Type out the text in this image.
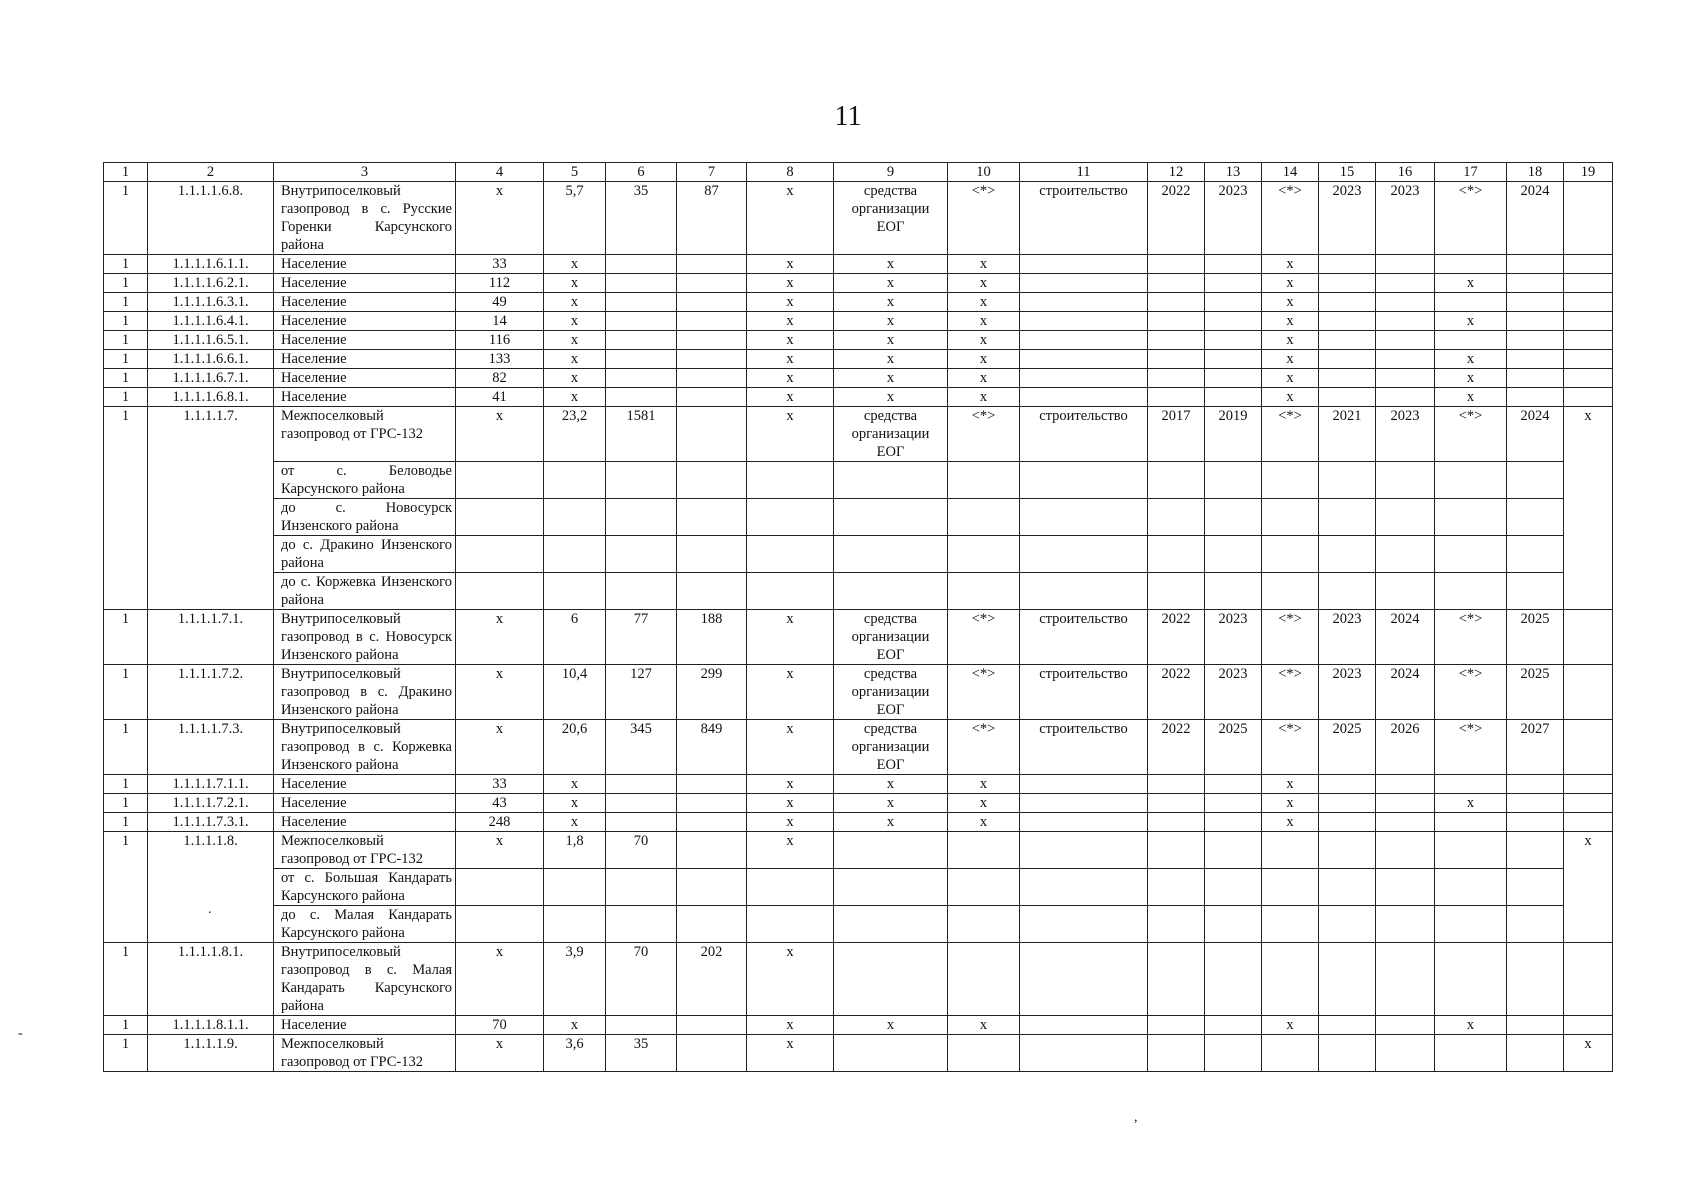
11
1	2	3	4	5	6	7	8	9	10	11	12	13	14	15	16	17	18	19
1	1.1.1.1.6.8.	Внутрипоселковый газопровод в с. Русские Горенки Карсунского района	x	5,7	35	87	x	средства организации ЕОГ	<*>	строительство	2022	2023	<*>	2023	2023	<*>	2024	
1	1.1.1.1.6.1.1.	Население	33	x			x	x	x				x					
1	1.1.1.1.6.2.1.	Население	112	x			x	x	x				x			x		
1	1.1.1.1.6.3.1.	Население	49	x			x	x	x				x					
1	1.1.1.1.6.4.1.	Население	14	x			x	x	x				x			x		
1	1.1.1.1.6.5.1.	Население	116	x			x	x	x				x					
1	1.1.1.1.6.6.1.	Население	133	x			x	x	x				x			x		
1	1.1.1.1.6.7.1.	Население	82	x			x	x	x				x			x		
1	1.1.1.1.6.8.1.	Население	41	x			x	x	x				x			x		
1	1.1.1.1.7.	Межпоселковый газопровод от ГРС-132	x	23,2	1581		x	средства организации ЕОГ	<*>	строительство	2017	2019	<*>	2021	2023	<*>	2024	x
		от с. Беловодье Карсунского района																
		до с. Новосурск Инзенского района																
		до с. Дракино Инзенского района																
		до с. Коржевка Инзенского района																
1	1.1.1.1.7.1.	Внутрипоселковый газопровод в с. Новосурск Инзенского района	x	6	77	188	x	средства организации ЕОГ	<*>	строительство	2022	2023	<*>	2023	2024	<*>	2025	
1	1.1.1.1.7.2.	Внутрипоселковый газопровод в с. Дракино Инзенского района	x	10,4	127	299	x	средства организации ЕОГ	<*>	строительство	2022	2023	<*>	2023	2024	<*>	2025	
1	1.1.1.1.7.3.	Внутрипоселковый газопровод в с. Коржевка Инзенского района	x	20,6	345	849	x	средства организации ЕОГ	<*>	строительство	2022	2025	<*>	2025	2026	<*>	2027	
1	1.1.1.1.7.1.1.	Население	33	x			x	x	x				x					
1	1.1.1.1.7.2.1.	Население	43	x			x	x	x				x			x		
1	1.1.1.1.7.3.1.	Население	248	x			x	x	x				x					
1	1.1.1.1.8.	Межпоселковый газопровод от ГРС-132	x	1,8	70		x											x
		от с. Большая Кандарать Карсунского района																
		до с. Малая Кандарать Карсунского района																
1	1.1.1.1.8.1.	Внутрипоселковый газопровод в с. Малая Кандарать Карсунского района	x	3,9	70	202	x											
1	1.1.1.1.8.1.1.	Население	70	x			x	x	x				x			x		
1	1.1.1.1.9.	Межпоселковый газопровод от ГРС-132	x	3,6	35		x											x
-
.
,
